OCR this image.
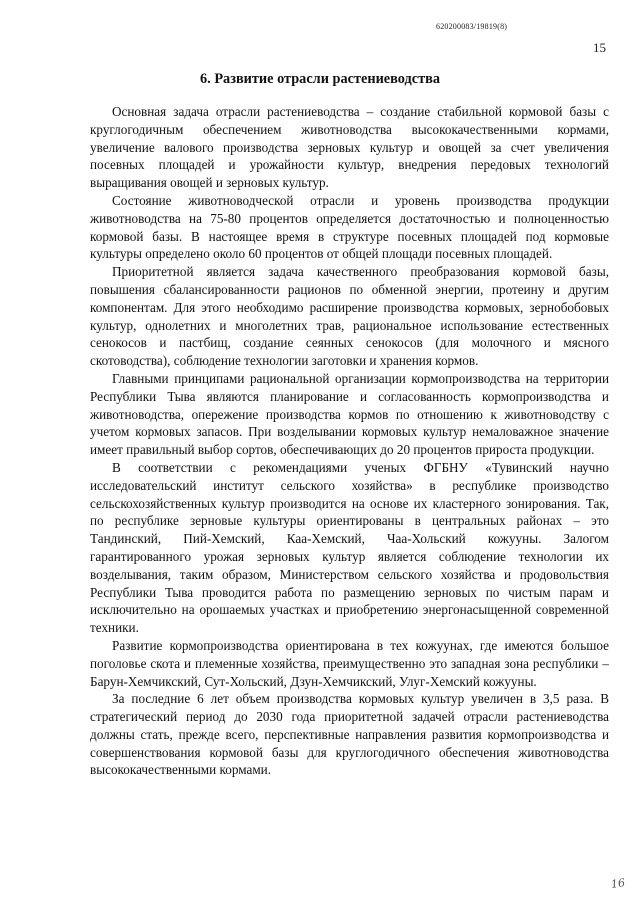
620200083/19819(8)
15
6. Развитие отрасли растениеводства

Основная задача отрасли растениеводства – создание стабильной кормовой базы с круглогодичным обеспечением животноводства высококачественными кормами, увеличение валового производства зерновых культур и овощей за счет увеличения посевных площадей и урожайности культур, внедрения передовых технологий выращивания овощей и зерновых культур.

Состояние животноводческой отрасли и уровень производства продукции животноводства на 75-80 процентов определяется достаточностью и полноценностью кормовой базы. В настоящее время в структуре посевных площадей под кормовые культуры определено около 60 процентов от общей площади посевных площадей.

Приоритетной является задача качественного преобразования кормовой базы, повышения сбалансированности рационов по обменной энергии, протеину и другим компонентам. Для этого необходимо расширение производства кормовых, зернобобовых культур, однолетних и многолетних трав, рациональное использование естественных сенокосов и пастбищ, создание сеянных сенокосов (для молочного и мясного скотоводства), соблюдение технологии заготовки и хранения кормов.

Главными принципами рациональной организации кормопроизводства на территории Республики Тыва являются планирование и согласованность кормопроизводства и животноводства, опережение производства кормов по отношению к животноводству с учетом кормовых запасов. При возделывании кормовых культур немаловажное значение имеет правильный выбор сортов, обеспечивающих до 20 процентов прироста продукции.

В соответствии с рекомендациями ученых ФГБНУ «Тувинский научно исследовательский институт сельского хозяйства» в республике производство сельскохозяйственных культур производится на основе их кластерного зонирования. Так, по республике зерновые культуры ориентированы в центральных районах – это Тандинский, Пий-Хемский, Каа-Хемский, Чаа-Хольский кожууны. Залогом гарантированного урожая зерновых культур является соблюдение технологии их возделывания, таким образом, Министерством сельского хозяйства и продовольствия Республики Тыва проводится работа по размещению зерновых по чистым парам и исключительно на орошаемых участках и приобретению энергонасыщенной современной техники.

Развитие кормопроизводства ориентирована в тех кожуунах, где имеются большое поголовье скота и племенные хозяйства, преимущественно это западная зона республики – Барун-Хемчикский, Сут-Хольский, Дзун-Хемчикский, Улуг-Хемский кожууны.

За последние 6 лет объем производства кормовых культур увеличен в 3,5 раза. В стратегический период до 2030 года приоритетной задачей отрасли растениеводства должны стать, прежде всего, перспективные направления развития кормопроизводства и совершенствования кормовой базы для круглогодичного обеспечения животноводства высококачественными кормами.

16
